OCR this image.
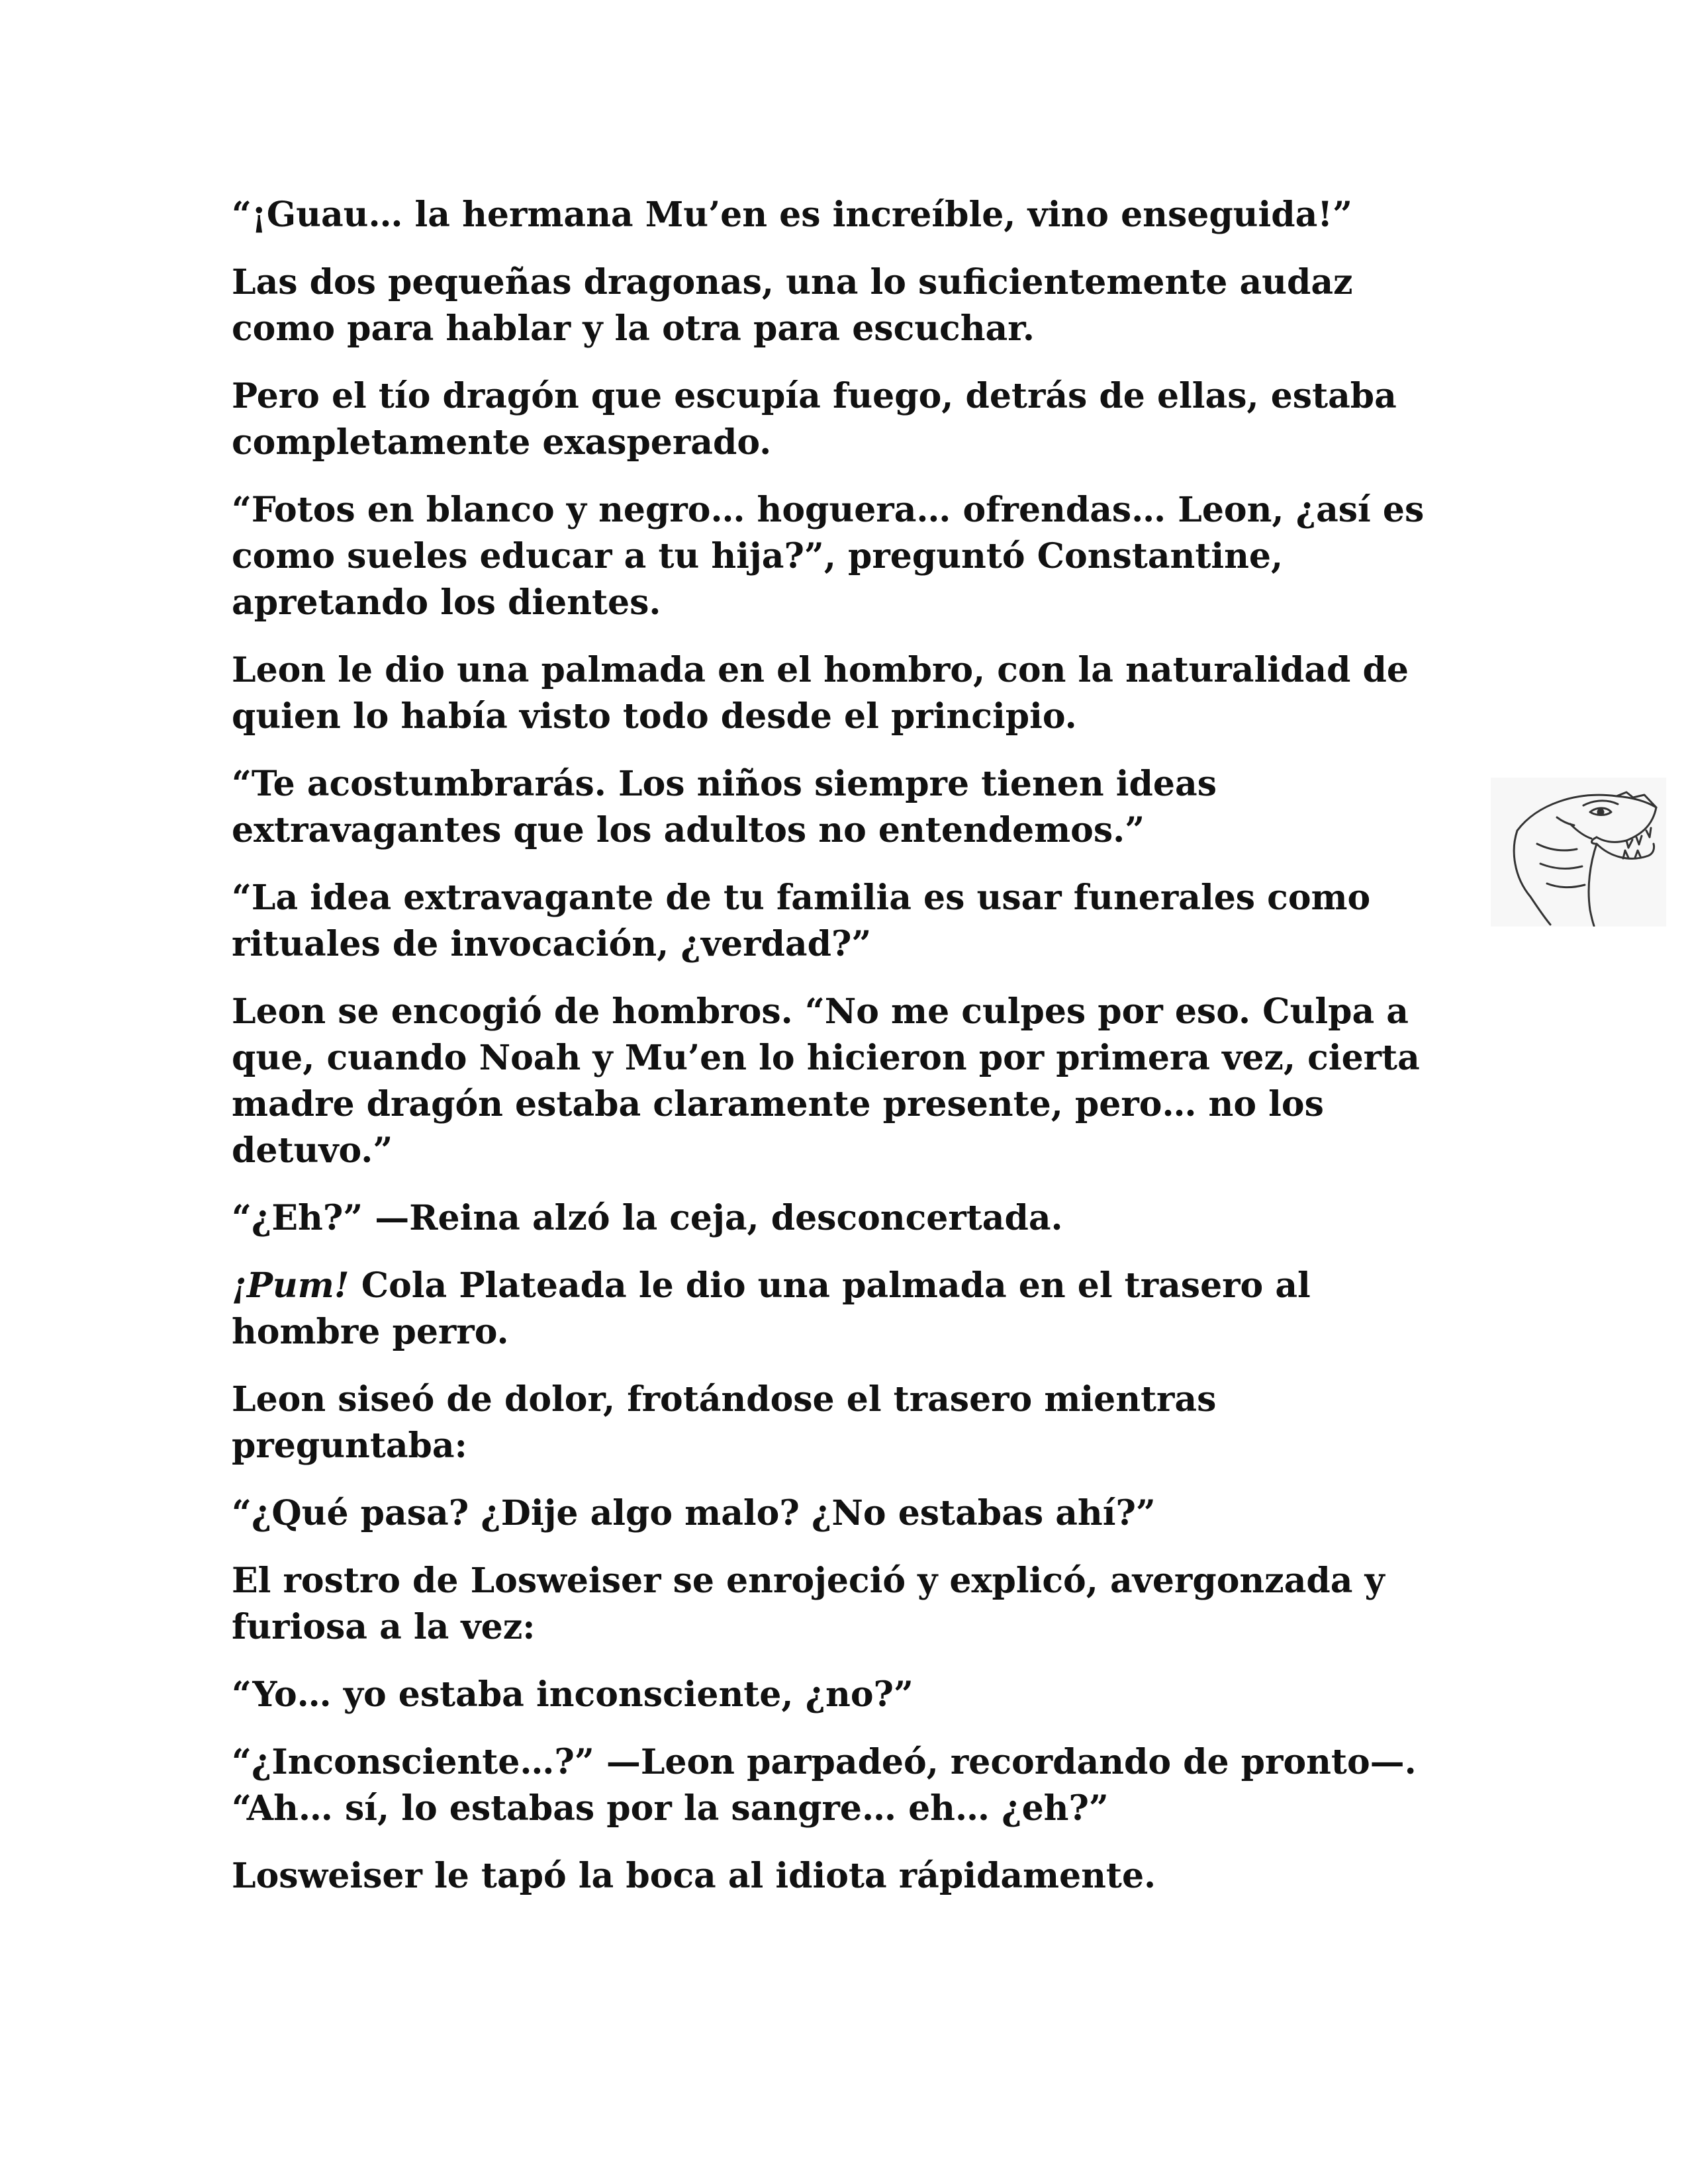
“¡Guau… la hermana Mu’en es increíble, vino enseguida!”

Las dos pequeñas dragonas, una lo suficientemente audaz como para hablar y la otra para escuchar.

Pero el tío dragón que escupía fuego, detrás de ellas, estaba completamente exasperado.

“Fotos en blanco y negro… hoguera… ofrendas… Leon, ¿así es como sueles educar a tu hija?”, preguntó Constantine, apretando los dientes.

Leon le dio una palmada en el hombro, con la naturalidad de quien lo había visto todo desde el principio.

“Te acostumbrarás. Los niños siempre tienen ideas extravagantes que los adultos no entendemos.”

“La idea extravagante de tu familia es usar funerales como rituales de invocación, ¿verdad?”

Leon se encogió de hombros. “No me culpes por eso. Culpa a que, cuando Noah y Mu’en lo hicieron por primera vez, cierta madre dragón estaba claramente presente, pero… no los detuvo.”

“¿Eh?” —Reina alzó la ceja, desconcertada.

¡Pum! Cola Plateada le dio una palmada en el trasero al hombre perro.

Leon siseó de dolor, frotándose el trasero mientras preguntaba:

“¿Qué pasa? ¿Dije algo malo? ¿No estabas ahí?”

El rostro de Losweiser se enrojeció y explicó, avergonzada y furiosa a la vez:

“Yo… yo estaba inconsciente, ¿no?”

“¿Inconsciente…?” —Leon parpadeó, recordando de pronto—. “Ah… sí, lo estabas por la sangre… eh… ¿eh?”

Losweiser le tapó la boca al idiota rápidamente.
